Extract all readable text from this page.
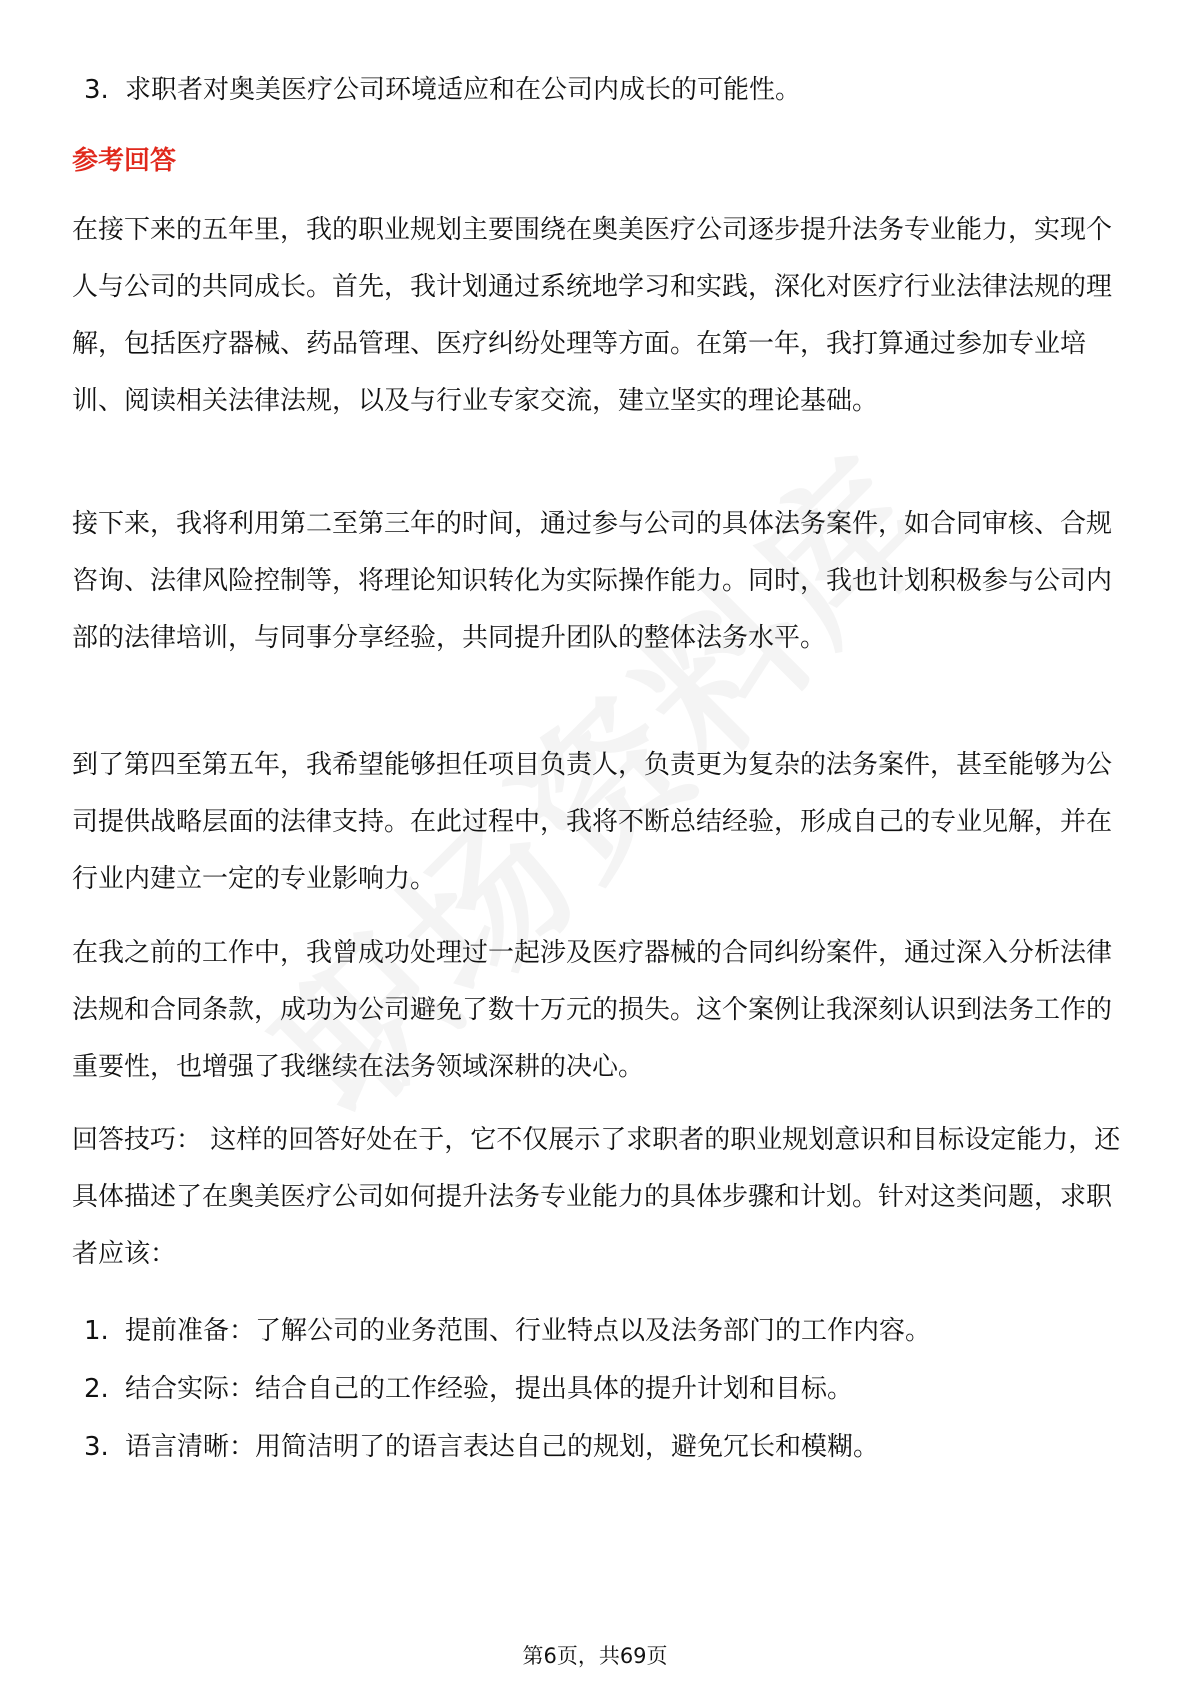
3. 求职者对奥美医疗公司环境适应和在公司内成长的可能性。
参考回答

在接下来的五年里，我的职业规划主要围绕在奥美医疗公司逐步提升法务专业能力，实现个人与公司的共同成长。首先，我计划通过系统地学习和实践，深化对医疗行业法律法规的理解，包括医疗器械、药品管理、医疗纠纷处理等方面。在第一年，我打算通过参加专业培训、阅读相关法律法规，以及与行业专家交流，建立坚实的理论基础。

接下来，我将利用第二至第三年的时间，通过参与公司的具体法务案件，如合同审核、合规咨询、法律风险控制等，将理论知识转化为实际操作能力。同时，我也计划积极参与公司内部的法律培训，与同事分享经验，共同提升团队的整体法务水平。

到了第四至第五年，我希望能够担任项目负责人，负责更为复杂的法务案件，甚至能够为公司提供战略层面的法律支持。在此过程中，我将不断总结经验，形成自己的专业见解，并在行业内建立一定的专业影响力。

在我之前的工作中，我曾成功处理过一起涉及医疗器械的合同纠纷案件，通过深入分析法律法规和合同条款，成功为公司避免了数十万元的损失。这个案例让我深刻认识到法务工作的重要性，也增强了我继续在法务领域深耕的决心。

回答技巧： 这样的回答好处在于，它不仅展示了求职者的职业规划意识和目标设定能力，还具体描述了在奥美医疗公司如何提升法务专业能力的具体步骤和计划。针对这类问题，求职者应该：

1. 提前准备：了解公司的业务范围、行业特点以及法务部门的工作内容。
2. 结合实际：结合自己的工作经验，提出具体的提升计划和目标。
3. 语言清晰：用简洁明了的语言表达自己的规划，避免冗长和模糊。
第6页，共69页
